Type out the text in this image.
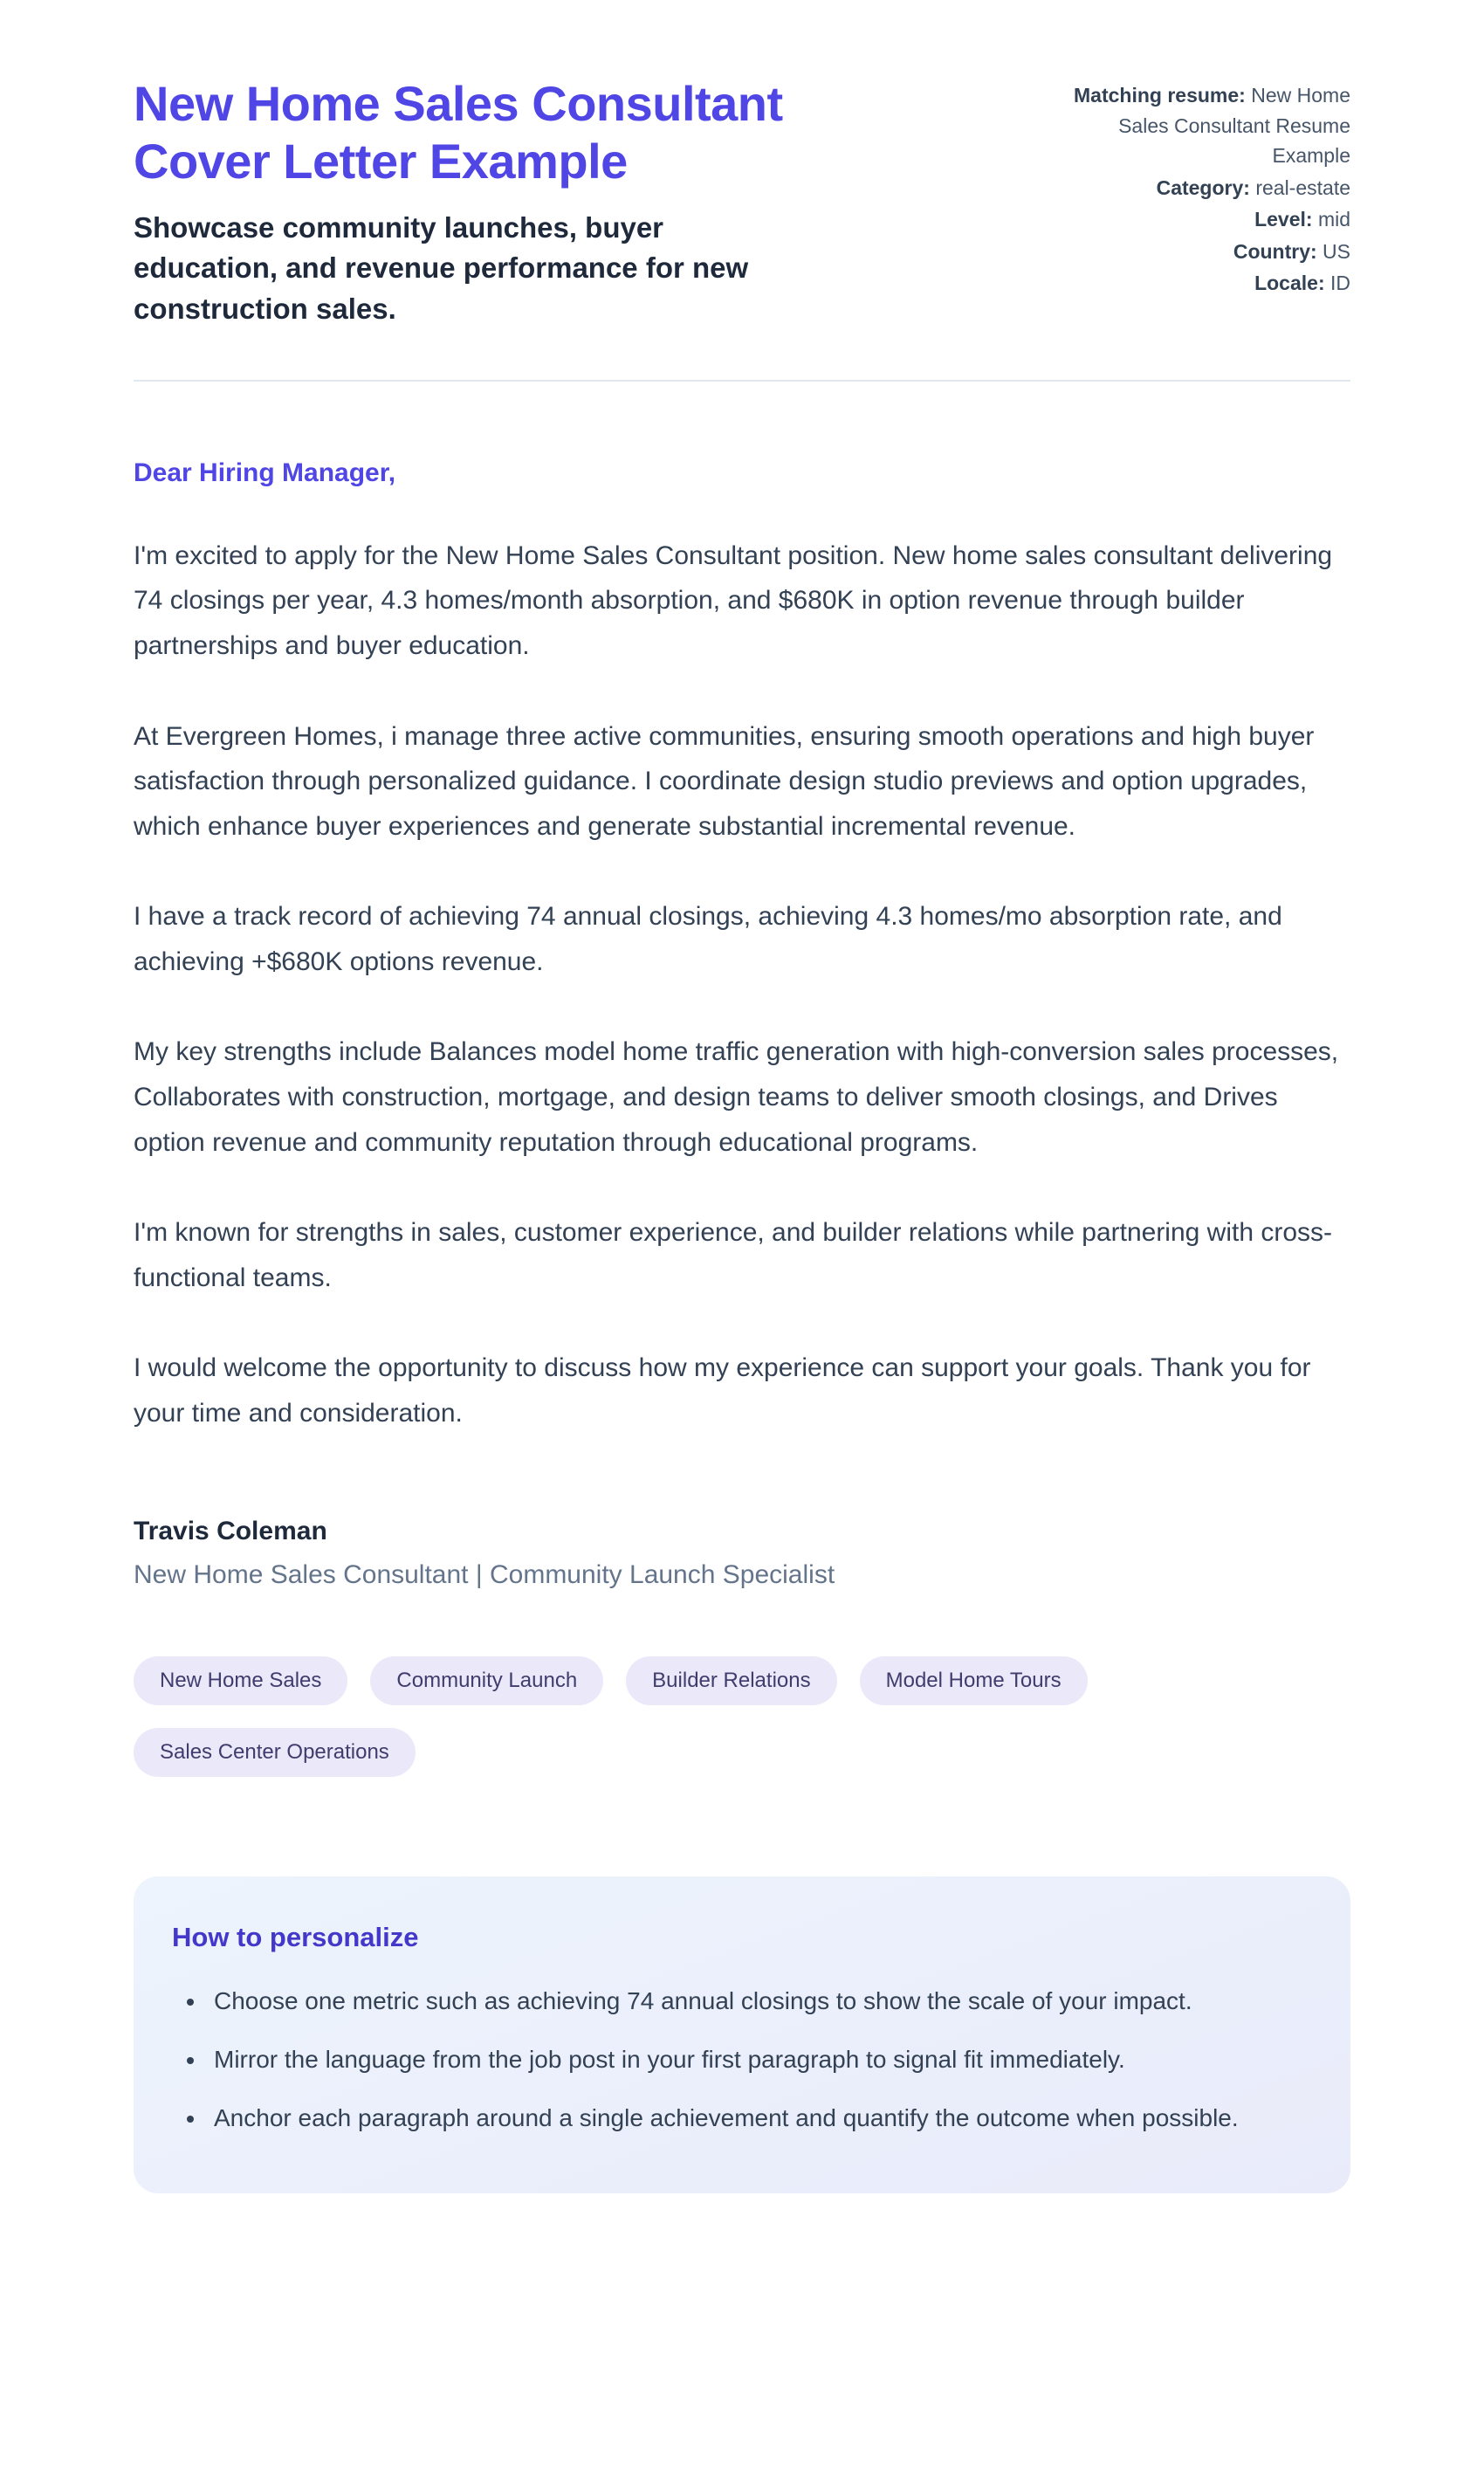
New Home Sales Consultant Cover Letter Example

Showcase community launches, buyer education, and revenue performance for new construction sales.

Matching resume: New Home Sales Consultant Resume Example
Category: real-estate
Level: mid
Country: US
Locale: ID

Dear Hiring Manager,

I'm excited to apply for the New Home Sales Consultant position. New home sales consultant delivering 74 closings per year, 4.3 homes/month absorption, and $680K in option revenue through builder partnerships and buyer education.

At Evergreen Homes, i manage three active communities, ensuring smooth operations and high buyer satisfaction through personalized guidance. I coordinate design studio previews and option upgrades, which enhance buyer experiences and generate substantial incremental revenue.

I have a track record of achieving 74 annual closings, achieving 4.3 homes/mo absorption rate, and achieving +$680K options revenue.

My key strengths include Balances model home traffic generation with high-conversion sales processes, Collaborates with construction, mortgage, and design teams to deliver smooth closings, and Drives option revenue and community reputation through educational programs.

I'm known for strengths in sales, customer experience, and builder relations while partnering with cross-functional teams.

I would welcome the opportunity to discuss how my experience can support your goals. Thank you for your time and consideration.

Travis Coleman

New Home Sales Consultant | Community Launch Specialist

New Home Sales	Community Launch	Builder Relations	Model Home Tours
Sales Center Operations
How to personalize
• Choose one metric such as achieving 74 annual closings to show the scale of your impact.
• Mirror the language from the job post in your first paragraph to signal fit immediately.
• Anchor each paragraph around a single achievement and quantify the outcome when possible.
